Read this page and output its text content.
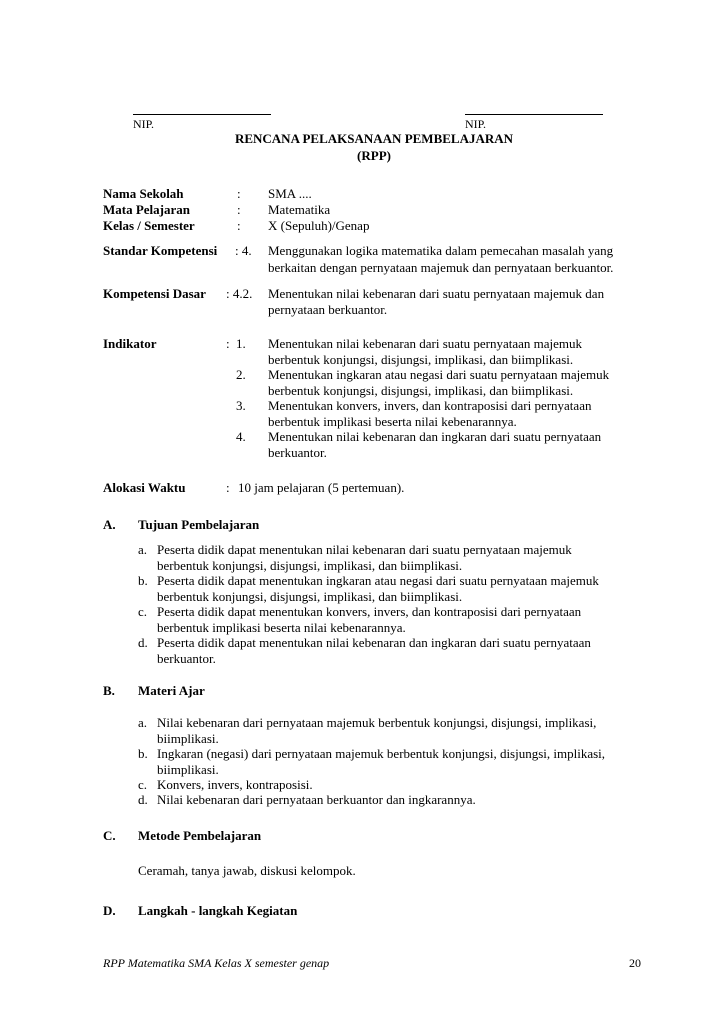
NIP.	NIP.
RENCANA PELAKSANAAN PEMBELAJARAN
(RPP)
Nama Sekolah	: SMA ....
Mata Pelajaran	: Matematika
Kelas / Semester	: X (Sepuluh)/Genap
Standar Kompetensi : 4. Menggunakan logika matematika dalam pemecahan masalah yang
berkaitan dengan pernyataan majemuk dan pernyataan berkuantor.
Kompetensi Dasar : 4.2. Menentukan nilai kebenaran dari suatu pernyataan majemuk dan
pernyataan berkuantor.
Indikator	: 1. Menentukan nilai kebenaran dari suatu pernyataan majemuk
berbentuk konjungsi, disjungsi, implikasi, dan biimplikasi.
2. Menentukan ingkaran atau negasi dari suatu pernyataan majemuk
berbentuk konjungsi, disjungsi, implikasi, dan biimplikasi.
3. Menentukan konvers, invers, dan kontraposisi dari pernyataan
berbentuk implikasi beserta nilai kebenarannya.
4. Menentukan nilai kebenaran dan ingkaran dari suatu pernyataan
berkuantor.
Alokasi Waktu	: 10 jam pelajaran (5 pertemuan).
A. Tujuan Pembelajaran
a. Peserta didik dapat menentukan nilai kebenaran dari suatu pernyataan majemuk
berbentuk konjungsi, disjungsi, implikasi, dan biimplikasi.
b. Peserta didik dapat menentukan ingkaran atau negasi dari suatu pernyataan majemuk
berbentuk konjungsi, disjungsi, implikasi, dan biimplikasi.
c. Peserta didik dapat menentukan konvers, invers, dan kontraposisi dari pernyataan
berbentuk implikasi beserta nilai kebenarannya.
d. Peserta didik dapat menentukan nilai kebenaran dan ingkaran dari suatu pernyataan
berkuantor.
B. Materi Ajar
a. Nilai kebenaran dari pernyataan majemuk berbentuk konjungsi, disjungsi, implikasi,
biimplikasi.
b. Ingkaran (negasi) dari pernyataan majemuk berbentuk konjungsi, disjungsi, implikasi,
biimplikasi.
c. Konvers, invers, kontraposisi.
d. Nilai kebenaran dari pernyataan berkuantor dan ingkarannya.
C. Metode Pembelajaran
Ceramah, tanya jawab, diskusi kelompok.
D. Langkah - langkah Kegiatan
RPP Matematika SMA Kelas X semester genap	20
